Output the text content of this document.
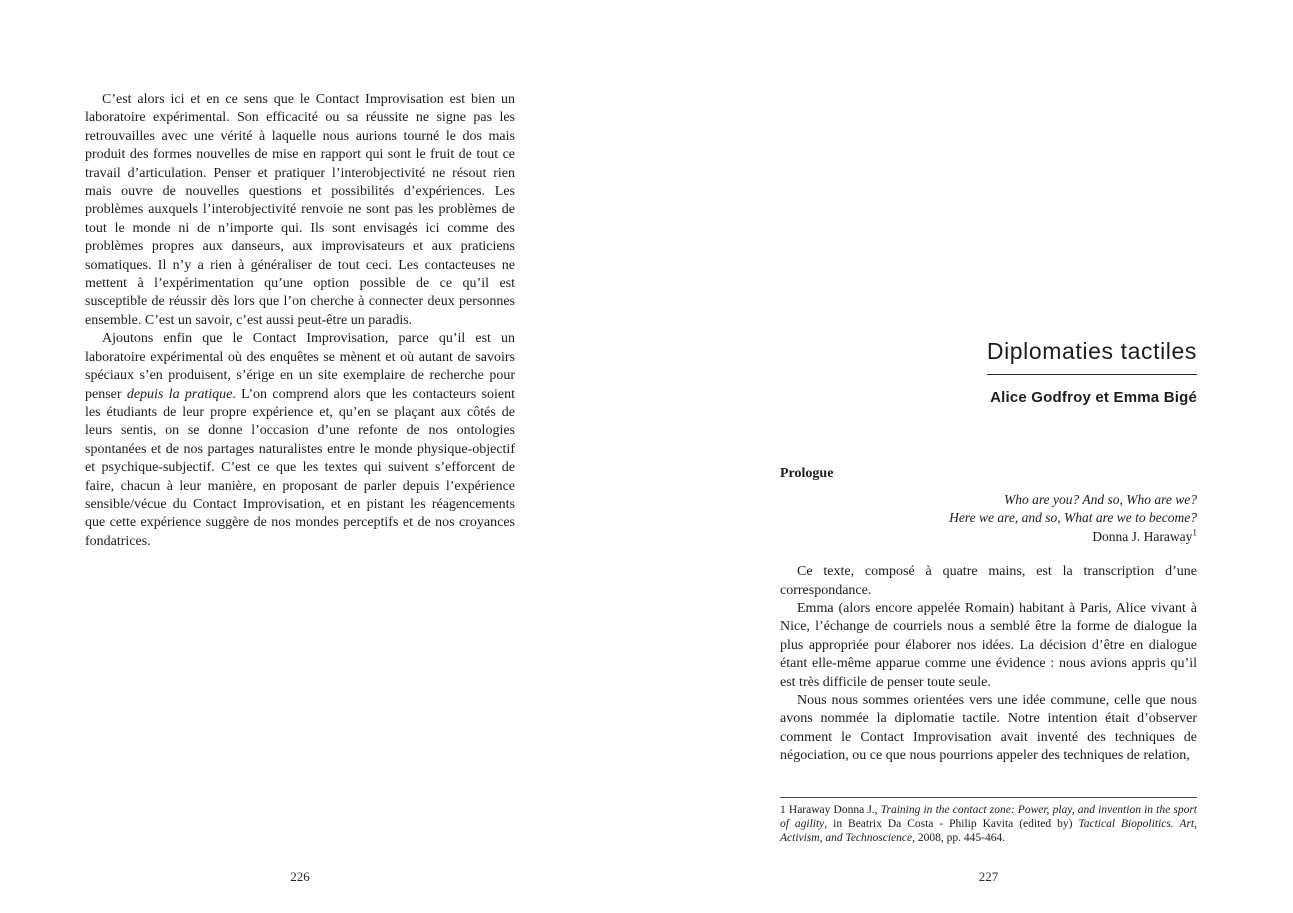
C’est alors ici et en ce sens que le Contact Improvisation est bien un laboratoire expérimental. Son efficacité ou sa réussite ne signe pas les retrouvailles avec une vérité à laquelle nous aurions tourné le dos mais produit des formes nouvelles de mise en rapport qui sont le fruit de tout ce travail d’articulation. Penser et pratiquer l’interobjectivité ne résout rien mais ouvre de nouvelles questions et possibilités d’expériences. Les problèmes auxquels l’interobjectivité renvoie ne sont pas les problèmes de tout le monde ni de n’importe qui. Ils sont envisagés ici comme des problèmes propres aux danseurs, aux improvisateurs et aux praticiens somatiques. Il n’y a rien à généraliser de tout ceci. Les contacteuses ne mettent à l’expérimentation qu’une option possible de ce qu’il est susceptible de réussir dès lors que l’on cherche à connecter deux personnes ensemble. C’est un savoir, c’est aussi peut-être un paradis.

Ajoutons enfin que le Contact Improvisation, parce qu’il est un laboratoire expérimental où des enquêtes se mènent et où autant de savoirs spéciaux s’en produisent, s’érige en un site exemplaire de recherche pour penser depuis la pratique. L’on comprend alors que les contacteurs soient les étudiants de leur propre expérience et, qu’en se plaçant aux côtés de leurs sentis, on se donne l’occasion d’une refonte de nos ontologies spontanées et de nos partages naturalistes entre le monde physique-objectif et psychique-subjectif. C’est ce que les textes qui suivent s’efforcent de faire, chacun à leur manière, en proposant de parler depuis l’expérience sensible/vécue du Contact Improvisation, et en pistant les réagencements que cette expérience suggère de nos mondes perceptifs et de nos croyances fondatrices.

226
Diplomaties tactiles
Alice Godfroy et Emma Bigé
Prologue
Who are you? And so, Who are we?
Here we are, and so, What are we to become?
Donna J. Haraway$^1$

Ce texte, composé à quatre mains, est la transcription d’une correspondance.

Emma (alors encore appelée Romain) habitant à Paris, Alice vivant à Nice, l’échange de courriels nous a semblé être la forme de dialogue la plus appropriée pour élaborer nos idées. La décision d’être en dialogue étant elle-même apparue comme une évidence : nous avions appris qu’il est très difficile de penser toute seule.

Nous nous sommes orientées vers une idée commune, celle que nous avons nommée la diplomatie tactile. Notre intention était d’observer comment le Contact Improvisation avait inventé des techniques de négociation, ou ce que nous pourrions appeler des techniques de relation,

1 Haraway Donna J., Training in the contact zone: Power, play, and invention in the sport of agility, in Beatrix Da Costa - Philip Kavita (edited by) Tactical Biopolitics. Art, Activism, and Technoscience, 2008, pp. 445-464.

227
